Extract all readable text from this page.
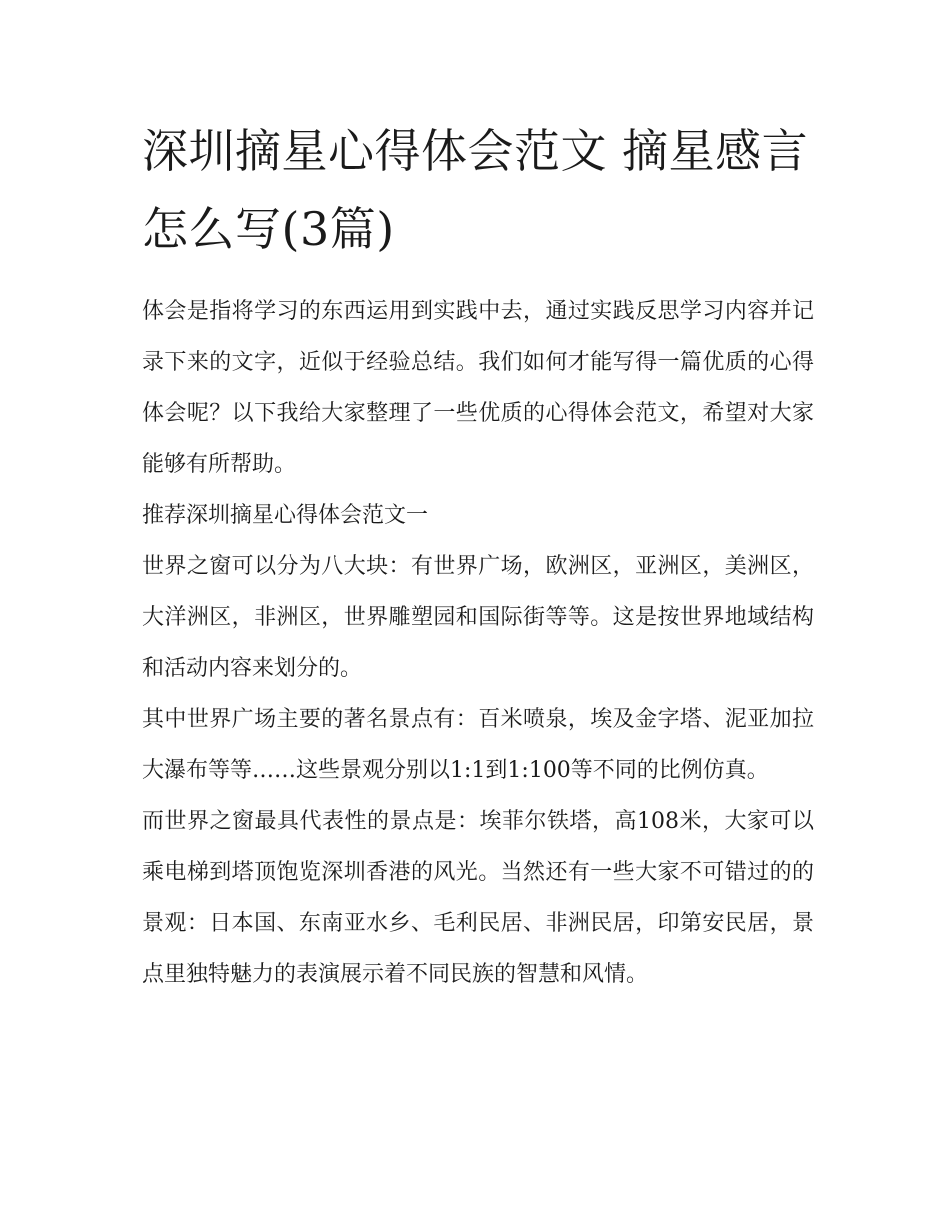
深圳摘星心得体会范文 摘星感言怎么写(3篇)

体会是指将学习的东西运用到实践中去，通过实践反思学习内容并记录下来的文字，近似于经验总结。我们如何才能写得一篇优质的心得体会呢？以下我给大家整理了一些优质的心得体会范文，希望对大家能够有所帮助。

推荐深圳摘星心得体会范文一

世界之窗可以分为八大块：有世界广场，欧洲区，亚洲区，美洲区，大洋洲区，非洲区，世界雕塑园和国际街等等。这是按世界地域结构和活动内容来划分的。

其中世界广场主要的著名景点有：百米喷泉，埃及金字塔、泥亚加拉大瀑布等等……这些景观分别以1:1到1:100等不同的比例仿真。

而世界之窗最具代表性的景点是：埃菲尔铁塔，高108米，大家可以乘电梯到塔顶饱览深圳香港的风光。当然还有一些大家不可错过的的景观：日本国、东南亚水乡、毛利民居、非洲民居，印第安民居，景点里独特魅力的表演展示着不同民族的智慧和风情。
